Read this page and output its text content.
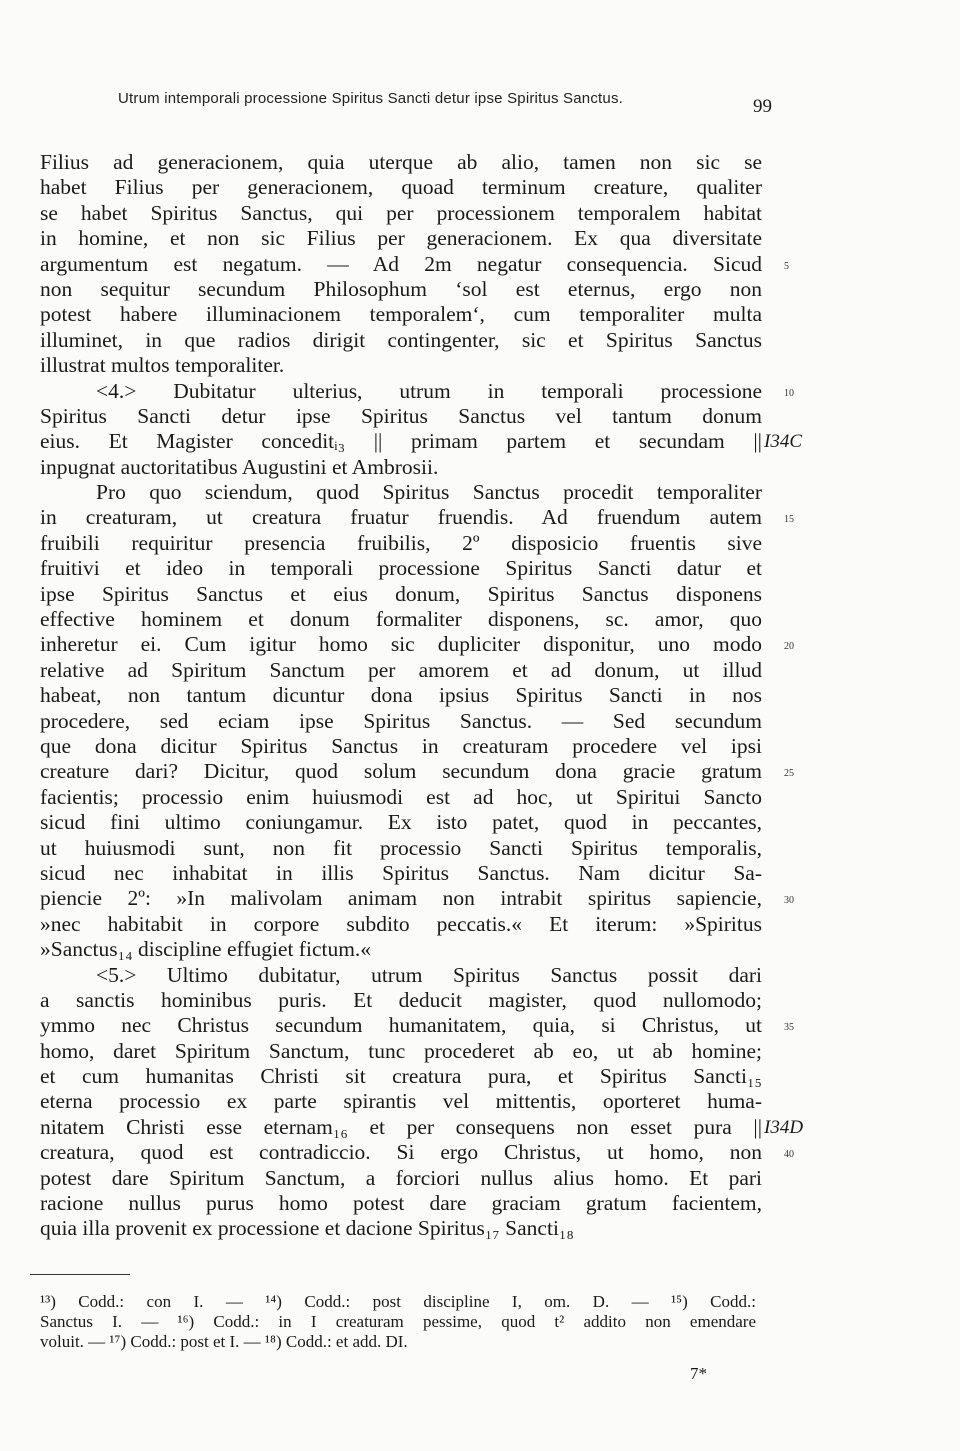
Utrum intemporali processione Spiritus Sancti detur ipse Spiritus Sanctus.	99
Filius ad generacionem, quia uterque ab alio, tamen non sic se
habet Filius per generacionem, quoad terminum creature, qualiter
se habet Spiritus Sanctus, qui per processionem temporalem habitat
in homine, et non sic Filius per generacionem. Ex qua diversitate
argumentum est negatum. — Ad 2m negatur consequencia. Sicud 5
non sequitur secundum Philosophum ‘sol est eternus, ergo non
potest habere illuminacionem temporalem‘, cum temporaliter multa
illuminet, in que radios dirigit contingenter, sic et Spiritus Sanctus
illustrat multos temporaliter.
<4.> Dubitatur ulterius, utrum in temporali processione 10
Spiritus Sancti detur ipse Spiritus Sanctus vel tantum donum
eius. Et Magister conceditᵢ₃ || primam partem et secundam || I34C
inpugnat auctoritatibus Augustini et Ambrosii.
Pro quo sciendum, quod Spiritus Sanctus procedit temporaliter
in creaturam, ut creatura fruatur fruendis. Ad fruendum autem 15
fruibili requiritur presencia fruibilis, 2º disposicio fruentis sive
fruitivi et ideo in temporali processione Spiritus Sancti datur et
ipse Spiritus Sanctus et eius donum, Spiritus Sanctus disponens
effective hominem et donum formaliter disponens, sc. amor, quo
inheretur ei. Cum igitur homo sic dupliciter disponitur, uno modo 20
relative ad Spiritum Sanctum per amorem et ad donum, ut illud
habeat, non tantum dicuntur dona ipsius Spiritus Sancti in nos
procedere, sed eciam ipse Spiritus Sanctus. — Sed secundum
que dona dicitur Spiritus Sanctus in creaturam procedere vel ipsi
creature dari? Dicitur, quod solum secundum dona gracie gratum 25
facientis; processio enim huiusmodi est ad hoc, ut Spiritui Sancto
sicud fini ultimo coniungamur. Ex isto patet, quod in peccantes,
ut huiusmodi sunt, non fit processio Sancti Spiritus temporalis,
sicud nec inhabitat in illis Spiritus Sanctus. Nam dicitur Sa-
piencie 2º: »In malivolam animam non intrabit spiritus sapiencie, 30
»nec habitabit in corpore subdito peccatis.« Et iterum: »Spiritus
»Sanctus₁₄ discipline effugiet fictum.«
<5.> Ultimo dubitatur, utrum Spiritus Sanctus possit dari
a sanctis hominibus puris. Et deducit magister, quod nullomodo;
ymmo nec Christus secundum humanitatem, quia, si Christus, ut 35
homo, daret Spiritum Sanctum, tunc procederet ab eo, ut ab homine;
et cum humanitas Christi sit creatura pura, et Spiritus Sancti₁₅
eterna processio ex parte spirantis vel mittentis, oporteret huma-
nitatem Christi esse eternam₁₆ et per consequens non esset pura || I34D
creatura, quod est contradiccio. Si ergo Christus, ut homo, non 40
potest dare Spiritum Sanctum, a forciori nullus alius homo. Et pari
racione nullus purus homo potest dare graciam gratum facientem,
quia illa provenit ex processione et dacione Spiritus₁₇ Sancti₁₈
¹³) Codd.: con I. — ¹⁴) Codd.: post discipline I, om. D. — ¹⁵) Codd.:
Sanctus I. — ¹⁶) Codd.: in I creaturam pessime, quod t² addito non emendare
voluit. — ¹⁷) Codd.: post et I. — ¹⁸) Codd.: et add. DI.
7*
